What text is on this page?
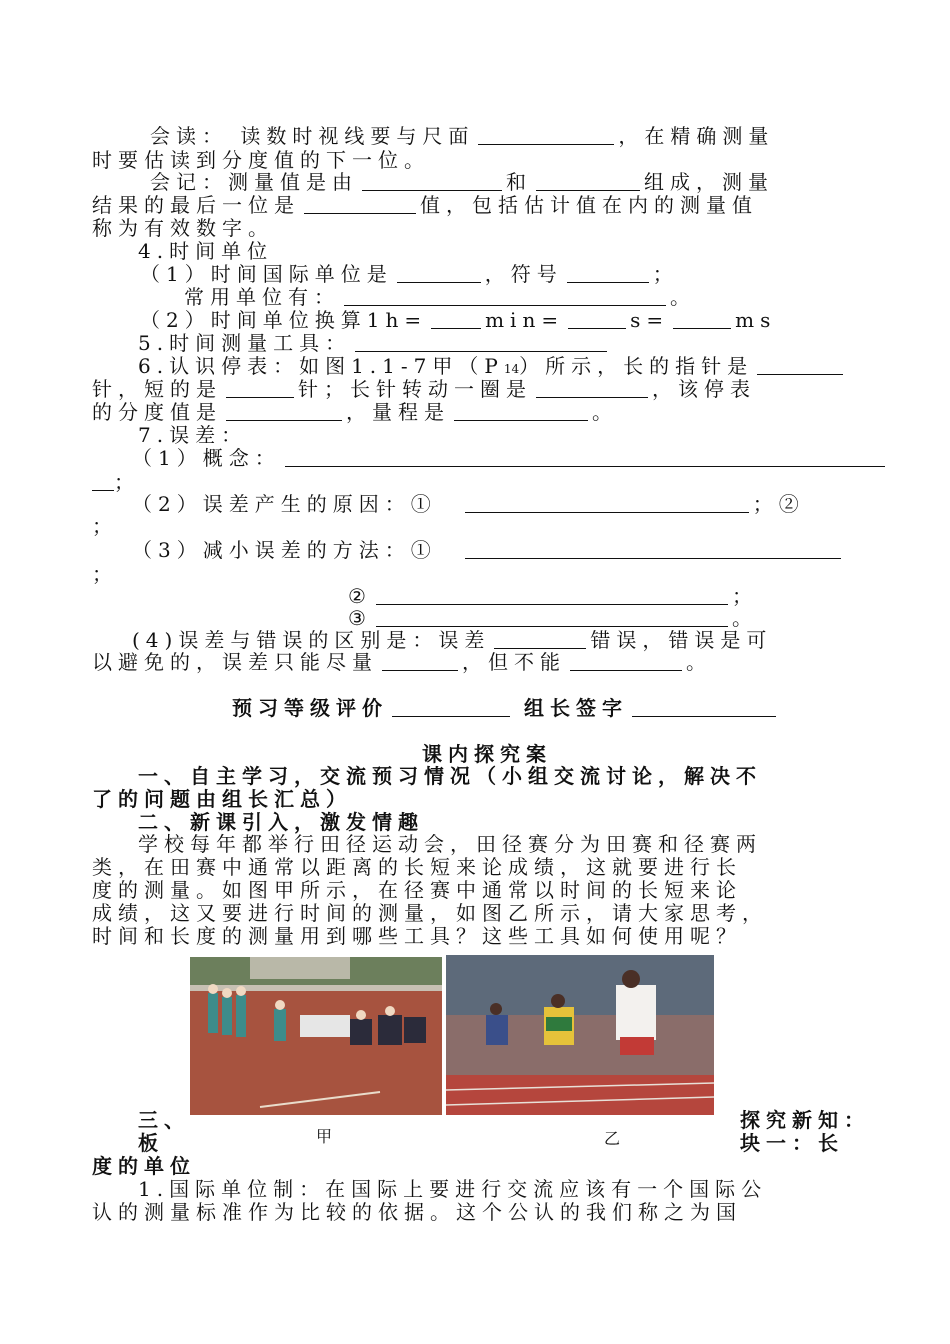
会读： 读数时视线要与尺面	，在精确测量
时要估读到分度值的下一位。
会记：测量值是由	和	组成，测量
结果的最后一位是	值，包括估计值在内的测量值
称为有效数字。
4.时间单位
（1）时间国际单位是	，符号	；
常用单位有：	。
（2）时间单位换算1h=	min=	s=	ms
5.时间测量工具：
6.认识停表：如图1.1-7甲（P14）所示，长的指针是
针，短的是	针；长针转动一圈是	，该停表
的分度值是	，量程是	。
7.误差：
（1）概念：
；
（2）误差产生的原因：①	；②
；
（3）减小误差的方法：①
；
②	；
③	。
(4)误差与错误的区别是：误差	错误，错误是可
以避免的，误差只能尽量	，但不能	。
预习等级评价	组长签字
课内探究案
一、自主学习，交流预习情况（小组交流讨论，解决不
了的问题由组长汇总）
二、新课引入，激发情趣
学校每年都举行田径运动会，田径赛分为田赛和径赛两
类，在田赛中通常以距离的长短来论成绩，这就要进行长
度的测量。如图甲所示，在径赛中通常以时间的长短来论
成绩，这又要进行时间的测量，如图乙所示，请大家思考，
时间和长度的测量用到哪些工具？这些工具如何使用呢？
甲	乙
三、	探究新知：
板	块一：长
度的单位
1.国际单位制：在国际上要进行交流应该有一个国际公
认的测量标准作为比较的依据。这个公认的我们称之为国
